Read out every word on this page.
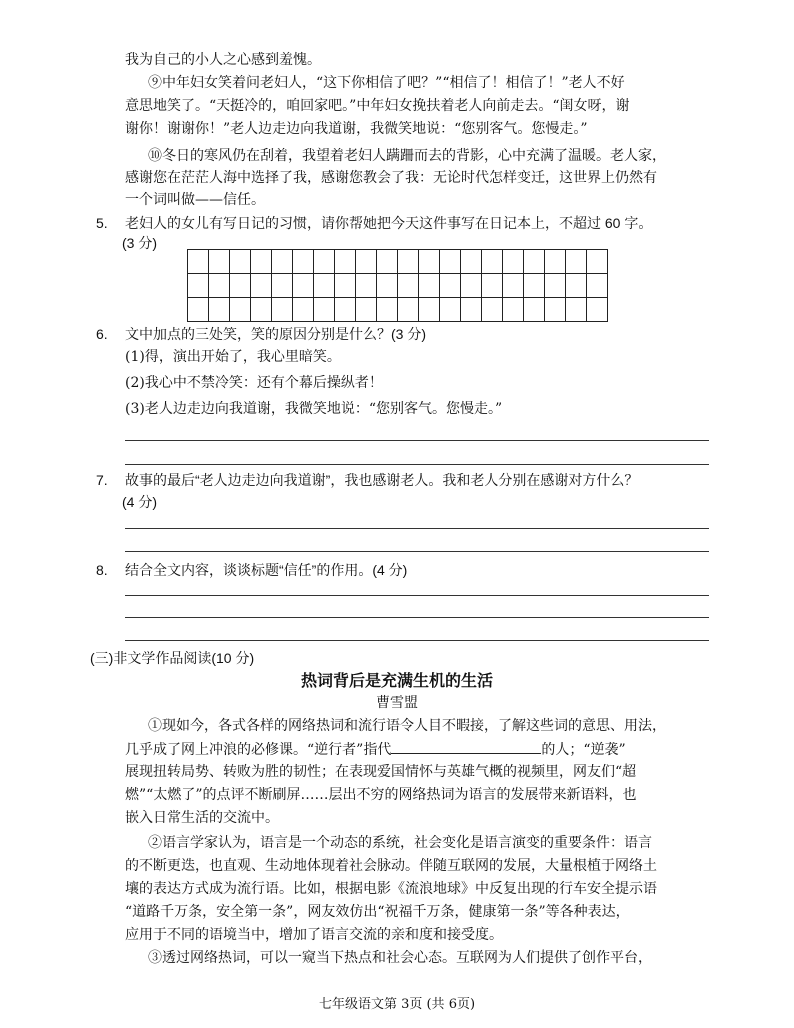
我为自己的小人之心感到羞愧。
⑨中年妇女笑着问老妇人，“这下你相信了吧？”“相信了！相信了！”老人不好
意思地笑了。“天挺冷的，咱回家吧。”中年妇女挽扶着老人向前走去。“闺女呀，谢
谢你！谢谢你！”老人边走边向我道谢，我微笑地说：“您别客气。您慢走。”
⑩冬日的寒风仍在刮着，我望着老妇人蹒跚而去的背影，心中充满了温暖。老人家，
感谢您在茫茫人海中选择了我，感谢您教会了我：无论时代怎样变迁，这世界上仍然有
一个词叫做——信任。
5. 老妇人的女儿有写日记的习惯，请你帮她把今天这件事写在日记本上，不超过 60 字。
(3 分)
6. 文中加点的三处笑，笑的原因分别是什么？(3 分)
(1)得，演出开始了，我心里暗笑。
(2)我心中不禁冷笑：还有个幕后操纵者！
(3)老人边走边向我道谢，我微笑地说：“您别客气。您慢走。”
7. 故事的最后“老人边走边向我道谢”，我也感谢老人。我和老人分别在感谢对方什么？
(4 分)
8. 结合全文内容，谈谈标题“信任”的作用。(4 分)
(三)非文学作品阅读(10 分)
热词背后是充满生机的生活
曹雪盟
①现如今，各式各样的网络热词和流行语令人目不暇接，了解这些词的意思、用法，
几乎成了网上冲浪的必修课。“逆行者”指代	的人；“逆袭”
展现扭转局势、转败为胜的韧性；在表现爱国情怀与英雄气概的视频里，网友们“超
燃”“太燃了”的点评不断刷屏……层出不穷的网络热词为语言的发展带来新语料，也
嵌入日常生活的交流中。
②语言学家认为，语言是一个动态的系统，社会变化是语言演变的重要条件：语言
的不断更迭，也直观、生动地体现着社会脉动。伴随互联网的发展，大量根植于网络土
壤的表达方式成为流行语。比如，根据电影《流浪地球》中反复出现的行车安全提示语
“道路千万条，安全第一条”，网友效仿出“祝福千万条，健康第一条”等各种表达，
应用于不同的语境当中，增加了语言交流的亲和度和接受度。
③透过网络热词，可以一窥当下热点和社会心态。互联网为人们提供了创作平台，
七年级语文第 3页 (共 6页)
